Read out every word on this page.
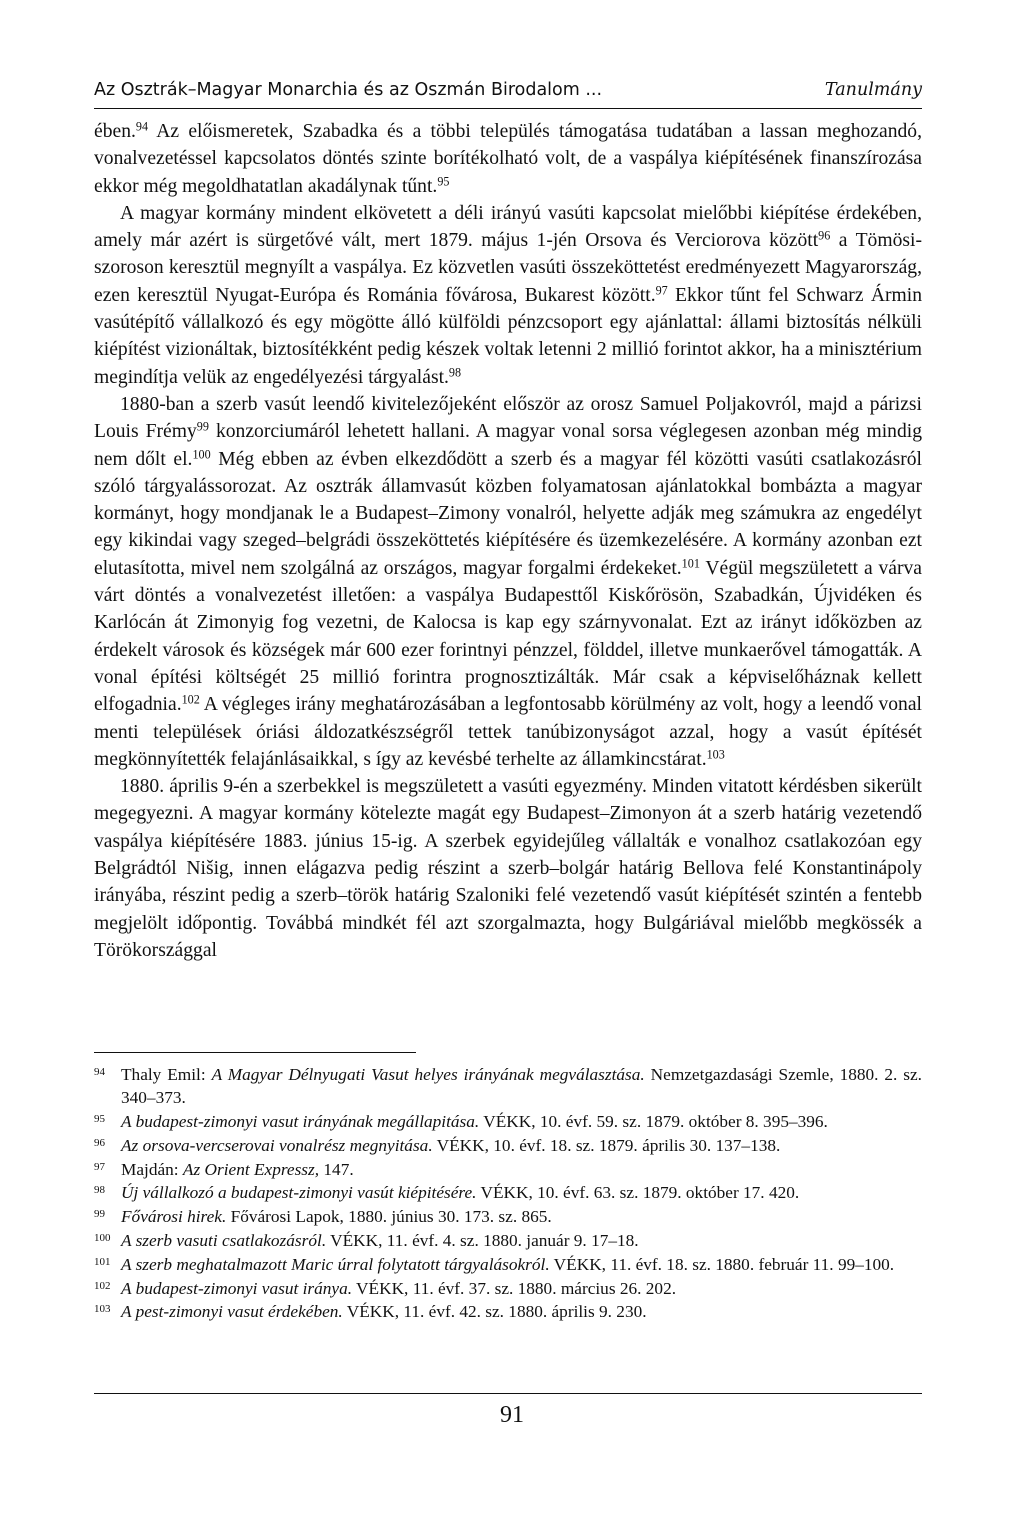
Az Osztrák–Magyar Monarchia és az Oszmán Birodalom ...	Tanulmány

ében.$^{94}$ Az előismeretek, Szabadka és a többi település támogatása tudatában a lassan meghozandó, vonalvezetéssel kapcsolatos döntés szinte borítékolható volt, de a vaspálya kiépítésének finanszírozása ekkor még megoldhatatlan akadálynak tűnt.$^{95}$

A magyar kormány mindent elkövetett a déli irányú vasúti kapcsolat mielőbbi kiépítése érdekében, amely már azért is sürgetővé vált, mert 1879. május 1-jén Orsova és Verciorova között$^{96}$ a Tömösi-szoroson keresztül megnyílt a vaspálya. Ez közvetlen vasúti összeköttetést eredményezett Magyarország, ezen keresztül Nyugat-Európa és Románia fővárosa, Bukarest között.$^{97}$ Ekkor tűnt fel Schwarz Ármin vasútépítő vállalkozó és egy mögötte álló külföldi pénzcsoport egy ajánlattal: állami biztosítás nélküli kiépítést vizionáltak, biztosítékként pedig készek voltak letenni 2 millió forintot akkor, ha a minisztérium megindítja velük az engedélyezési tárgyalást.$^{98}$

1880-ban a szerb vasút leendő kivitelezőjeként először az orosz Samuel Poljakovról, majd a párizsi Louis Frémy$^{99}$ konzorciumáról lehetett hallani. A magyar vonal sorsa véglegesen azonban még mindig nem dőlt el.$^{100}$ Még ebben az évben elkezdődött a szerb és a magyar fél közötti vasúti csatlakozásról szóló tárgyalássorozat. Az osztrák államvasút közben folyamatosan ajánlatokkal bombázta a magyar kormányt, hogy mondjanak le a Budapest–Zimony vonalról, helyette adják meg számukra az engedélyt egy kikindai vagy szeged–belgrádi összeköttetés kiépítésére és üzemkezelésére. A kormány azonban ezt elutasította, mivel nem szolgálná az országos, magyar forgalmi érdekeket.$^{101}$ Végül megszületett a várva várt döntés a vonalvezetést illetően: a vaspálya Budapesttől Kiskőrösön, Szabadkán, Újvidéken és Karlócán át Zimonyig fog vezetni, de Kalocsa is kap egy szárnyvonalat. Ezt az irányt időközben az érdekelt városok és községek már 600 ezer forintnyi pénzzel, földdel, illetve munkaerővel támogatták. A vonal építési költségét 25 millió forintra prognosztizálták. Már csak a képviselőháznak kellett elfogadnia.$^{102}$ A végleges irány meghatározásában a legfontosabb körülmény az volt, hogy a leendő vonal menti települések óriási áldozatkészségről tettek tanúbizonyságot azzal, hogy a vasút építését megkönnyítették felajánlásaikkal, s így az kevésbé terhelte az államkincstárat.$^{103}$

1880. április 9-én a szerbekkel is megszületett a vasúti egyezmény. Minden vitatott kérdésben sikerült megegyezni. A magyar kormány kötelezte magát egy Budapest–Zimonyon át a szerb határig vezetendő vaspálya kiépítésére 1883. június 15-ig. A szerbek egyidejűleg vállalták e vonalhoz csatlakozóan egy Belgrádtól Nišig, innen elágazva pedig részint a szerb–bolgár határig Bellova felé Konstantinápoly irányába, részint pedig a szerb–török határig Szaloniki felé vezetendő vasút kiépítését szintén a fentebb megjelölt időpontig. Továbbá mindkét fél azt szorgalmazta, hogy Bulgáriával mielőbb megkössék a Törökországgal

94 Thaly Emil: A Magyar Délnyugati Vasut helyes irányának megválasztása. Nemzetgazdasági Szemle, 1880. 2. sz. 340–373.
95 A budapest-zimonyi vasut irányának megállapitása. VÉKK, 10. évf. 59. sz. 1879. október 8. 395–396.
96 Az orsova-vercserovai vonalrész megnyitása. VÉKK, 10. évf. 18. sz. 1879. április 30. 137–138.
97 Majdán: Az Orient Expressz, 147.
98 Új vállalkozó a budapest-zimonyi vasút kiépitésére. VÉKK, 10. évf. 63. sz. 1879. október 17. 420.
99 Fővárosi hirek. Fővárosi Lapok, 1880. június 30. 173. sz. 865.
100 A szerb vasuti csatlakozásról. VÉKK, 11. évf. 4. sz. 1880. január 9. 17–18.
101 A szerb meghatalmazott Maric úrral folytatott tárgyalásokról. VÉKK, 11. évf. 18. sz. 1880. február 11. 99–100.
102 A budapest-zimonyi vasut iránya. VÉKK, 11. évf. 37. sz. 1880. március 26. 202.
103 A pest-zimonyi vasut érdekében. VÉKK, 11. évf. 42. sz. 1880. április 9. 230.
91
